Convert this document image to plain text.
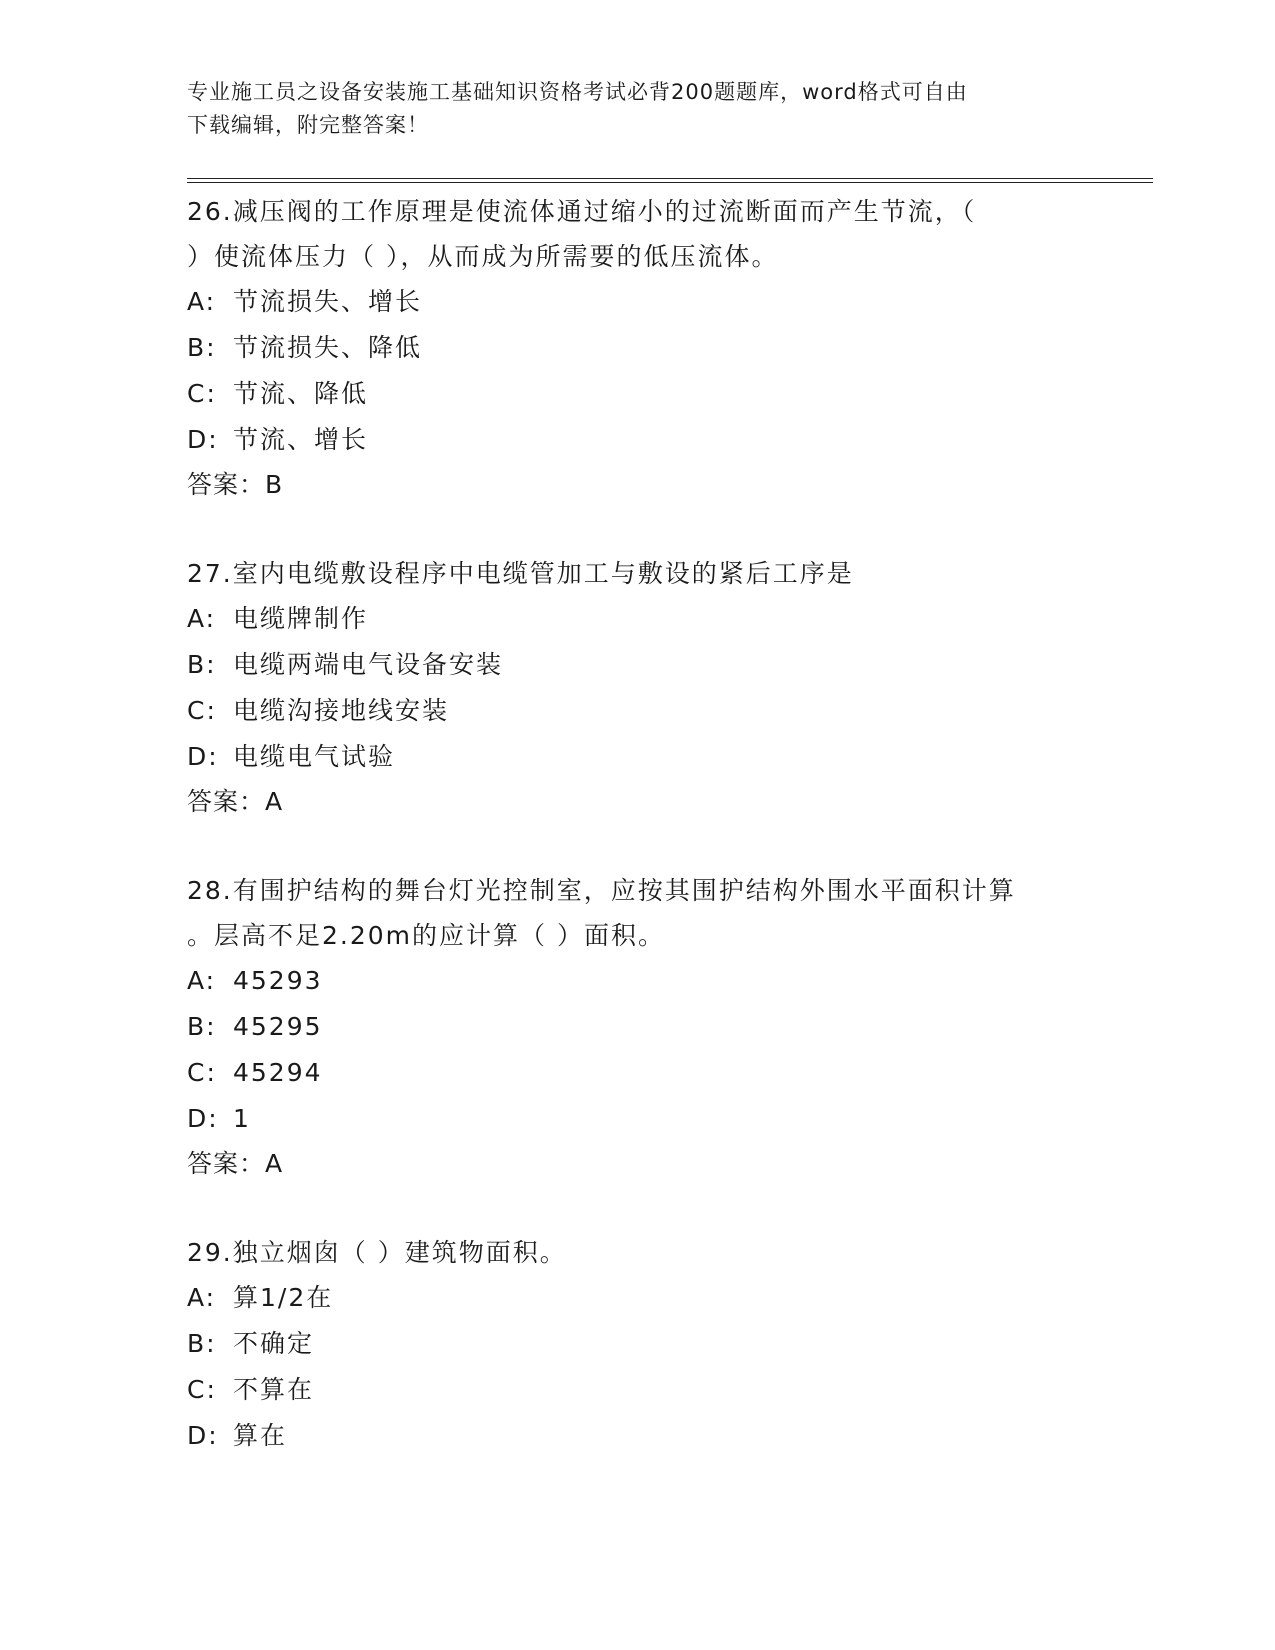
专业施工员之设备安装施工基础知识资格考试必背200题题库，word格式可自由
下载编辑，附完整答案！
26.减压阀的工作原理是使流体通过缩小的过流断面而产生节流，（
）使流体压力（ ），从而成为所需要的低压流体。
A: 节流损失、增长
B: 节流损失、降低
C: 节流、降低
D: 节流、增长
答案：B
27.室内电缆敷设程序中电缆管加工与敷设的紧后工序是
A: 电缆牌制作
B: 电缆两端电气设备安装
C: 电缆沟接地线安装
D: 电缆电气试验
答案：A
28.有围护结构的舞台灯光控制室，应按其围护结构外围水平面积计算
。层高不足2.20m的应计算（ ）面积。
A: 45293
B: 45295
C: 45294
D: 1
答案：A
29.独立烟囱（ ）建筑物面积。
A: 算1/2在
B: 不确定
C: 不算在
D: 算在
